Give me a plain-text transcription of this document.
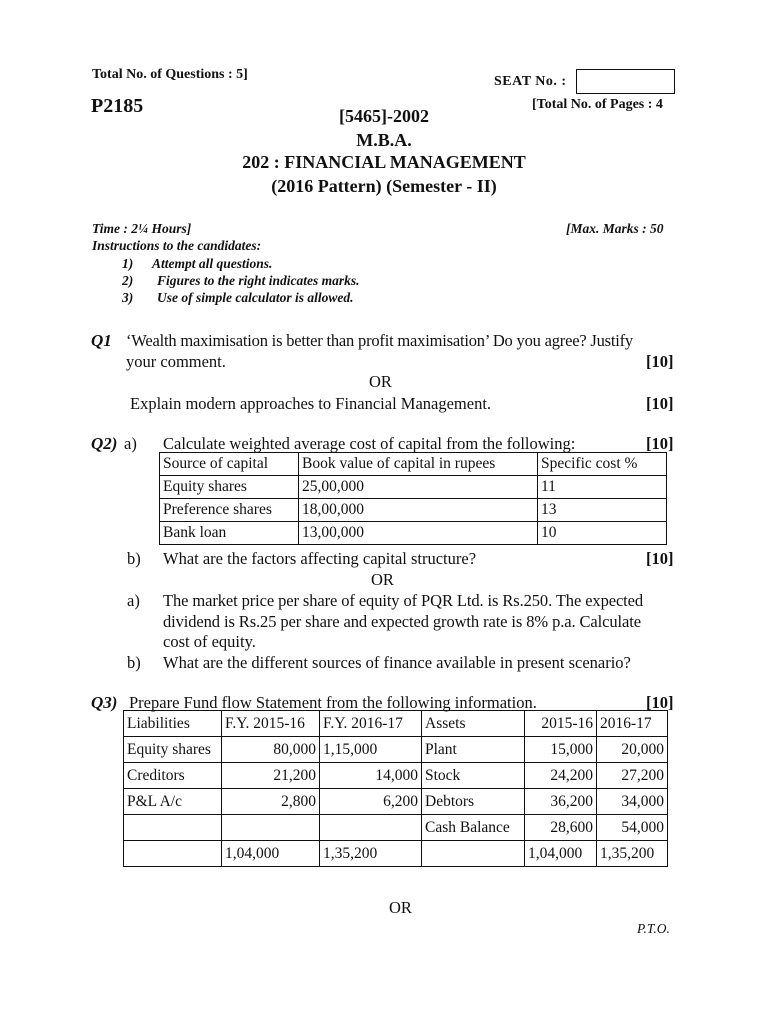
Total No. of Questions : 5]	SEAT No. :
P2185	[Total No. of Pages : 4
[5465]-2002
M.B.A.
202 : FINANCIAL MANAGEMENT
(2016 Pattern) (Semester - II)
Time : 2¼ Hours]	[Max. Marks : 50
Instructions to the candidates:
1) Attempt all questions.
2) Figures to the right indicates marks.
3) Use of simple calculator is allowed.
Q1 ‘Wealth maximisation is better than profit maximisation’ Do you agree? Justify
your comment.	[10]
OR
Explain modern approaches to Financial Management.	[10]
Q2) a) Calculate weighted average cost of capital from the following:	[10]
Source of capital	Book value of capital in rupees	Specific cost %
Equity shares	25,00,000	11
Preference shares	18,00,000	13
Bank loan	13,00,000	10
b) What are the factors affecting capital structure?	[10]
OR
a) The market price per share of equity of PQR Ltd. is Rs.250. The expected
dividend is Rs.25 per share and expected growth rate is 8% p.a. Calculate
cost of equity.
b) What are the different sources of finance available in present scenario?
Q3) Prepare Fund flow Statement from the following information.	[10]
Liabilities	F.Y. 2015-16	F.Y. 2016-17	Assets	2015-16	2016-17
Equity shares	80,000	1,15,000	Plant	15,000	20,000
Creditors	21,200	14,000	Stock	24,200	27,200
P&L A/c	2,800	6,200	Debtors	36,200	34,000
			Cash Balance	28,600	54,000
	1,04,000	1,35,200		1,04,000	1,35,200
OR
P.T.O.
